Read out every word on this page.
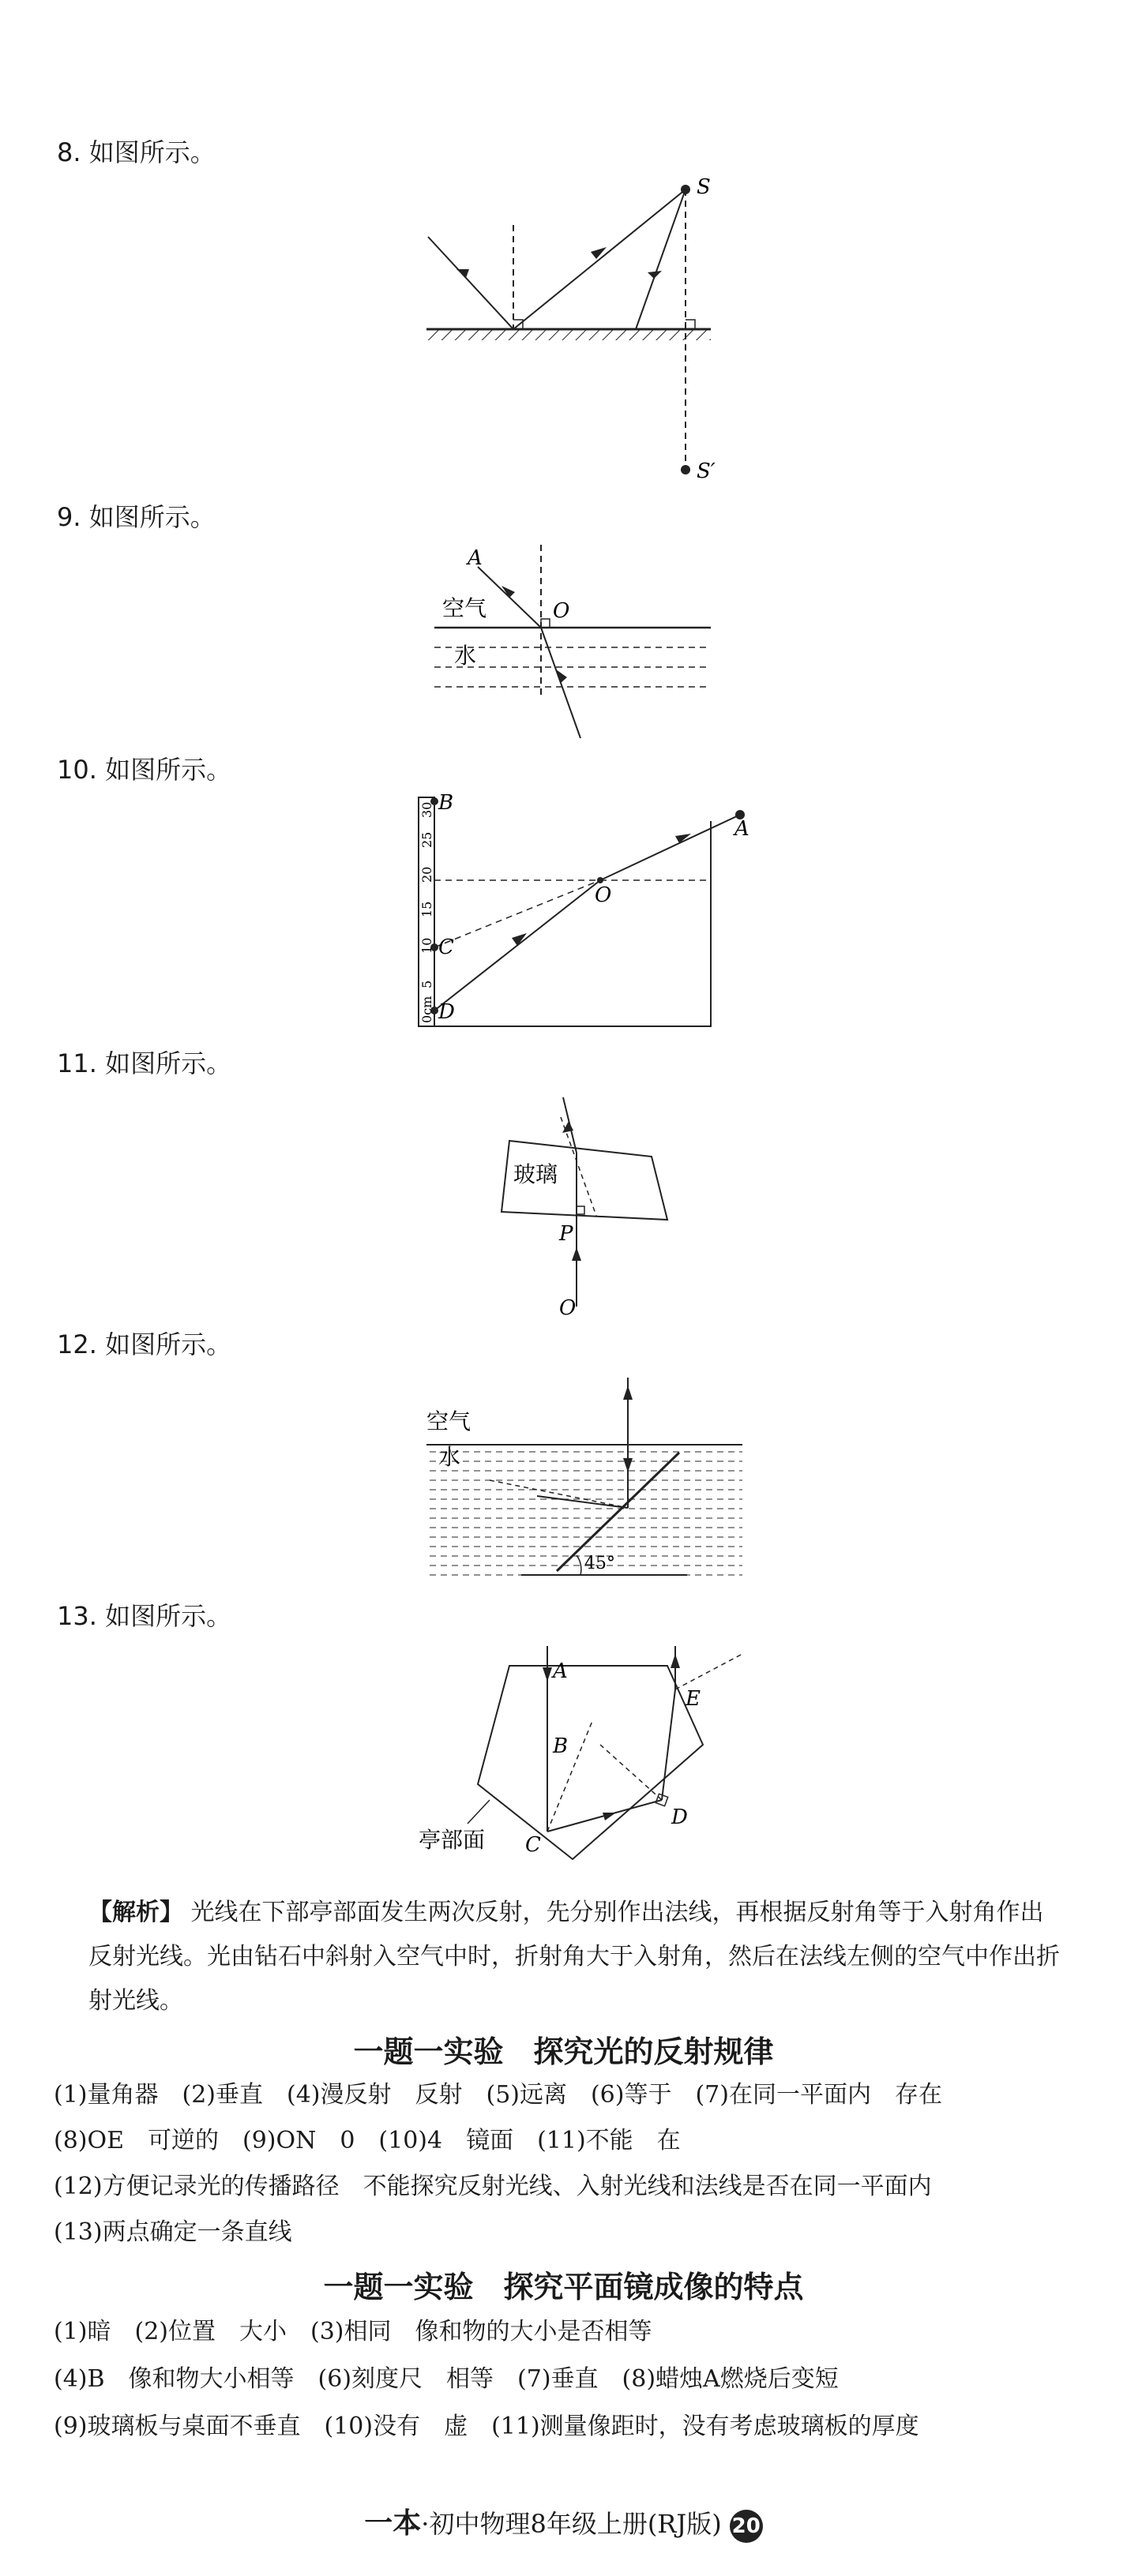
8. 如图所示。
9. 如图所示。
10. 如图所示。
11. 如图所示。
12. 如图所示。
13. 如图所示。
S
S′
A
O
空气
水
B
C
D
O
A
0cm
5
10
15
20
25
30
玻璃
P
O
空气
水
45°
A
B
C
D
E
亭部面
【解析】 光线在下部亭部面发生两次反射，先分别作出法线，再根据反射角等于入射角作出反射光线。光由钻石中斜射入空气中时，折射角大于入射角，然后在法线左侧的空气中作出折射光线。
一题一实验　探究光的反射规律
(1)量角器　(2)垂直　(4)漫反射　反射　(5)远离　(6)等于　(7)在同一平面内　存在
(8)OE　可逆的　(9)ON　0　(10)4　镜面　(11)不能　在
(12)方便记录光的传播路径　不能探究反射光线、入射光线和法线是否在同一平面内
(13)两点确定一条直线
一题一实验　探究平面镜成像的特点
(1)暗　(2)位置　大小　(3)相同　像和物的大小是否相等
(4)B　像和物大小相等　(6)刻度尺　相等　(7)垂直　(8)蜡烛A燃烧后变短
(9)玻璃板与桌面不垂直　(10)没有　虚　(11)测量像距时，没有考虑玻璃板的厚度
一本·初中物理8年级上册(RJ版) 20
